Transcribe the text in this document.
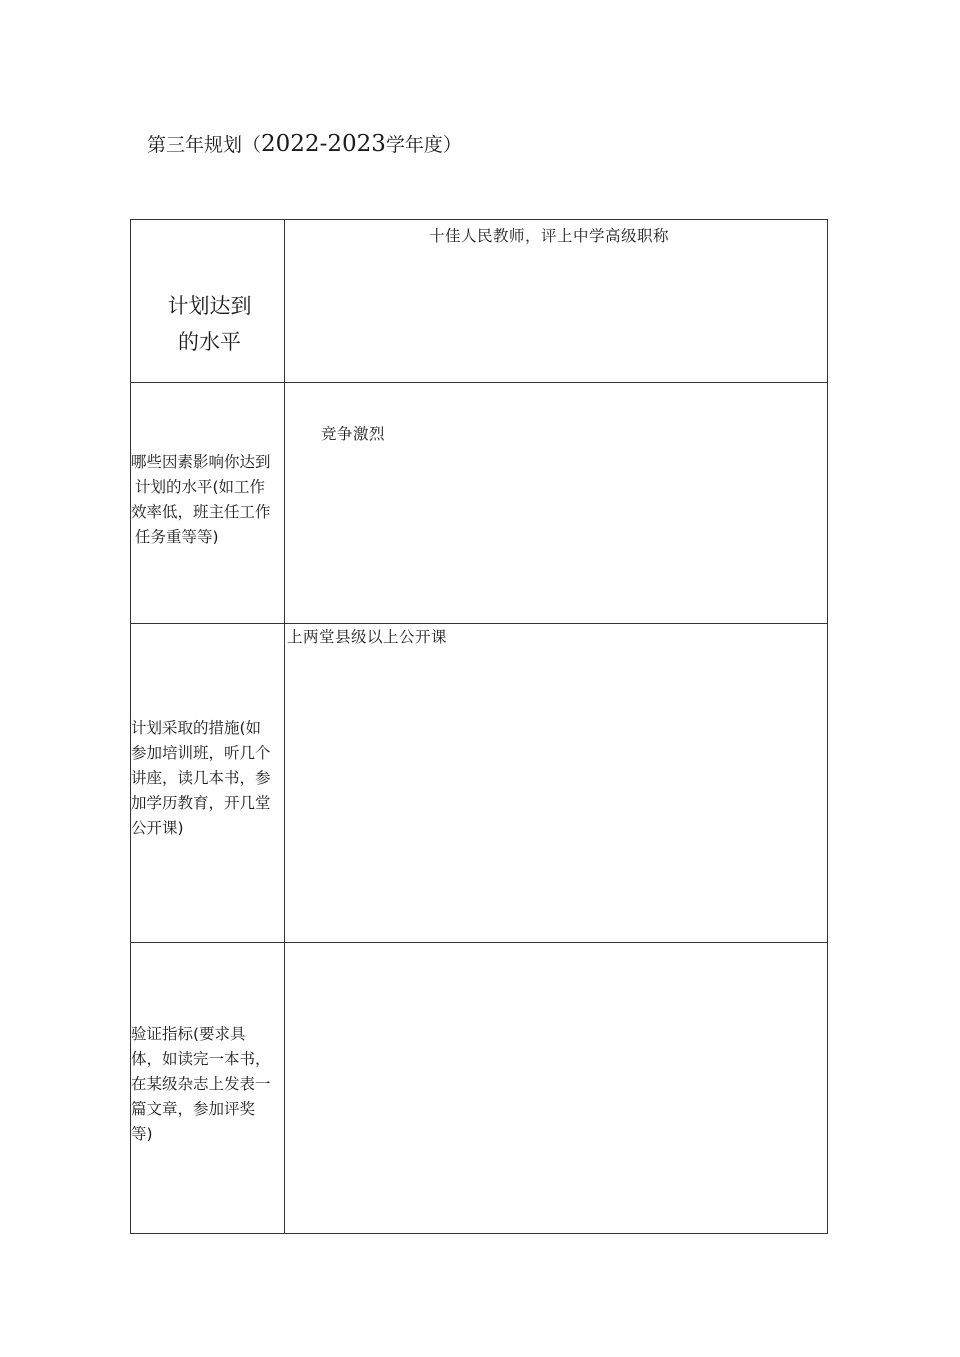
第三年规划（2022-2023学年度）
计划达到
的水平
十佳人民教师，评上中学高级职称
哪些因素影响你达到
计划的水平(如工作
效率低，班主任工作
任务重等等)
竞争激烈
计划采取的措施(如
参加培训班，听几个
讲座，读几本书，参
加学历教育，开几堂
公开课)
上两堂县级以上公开课
验证指标(要求具
体，如读完一本书，
在某级杂志上发表一
篇文章，参加评奖
等)
